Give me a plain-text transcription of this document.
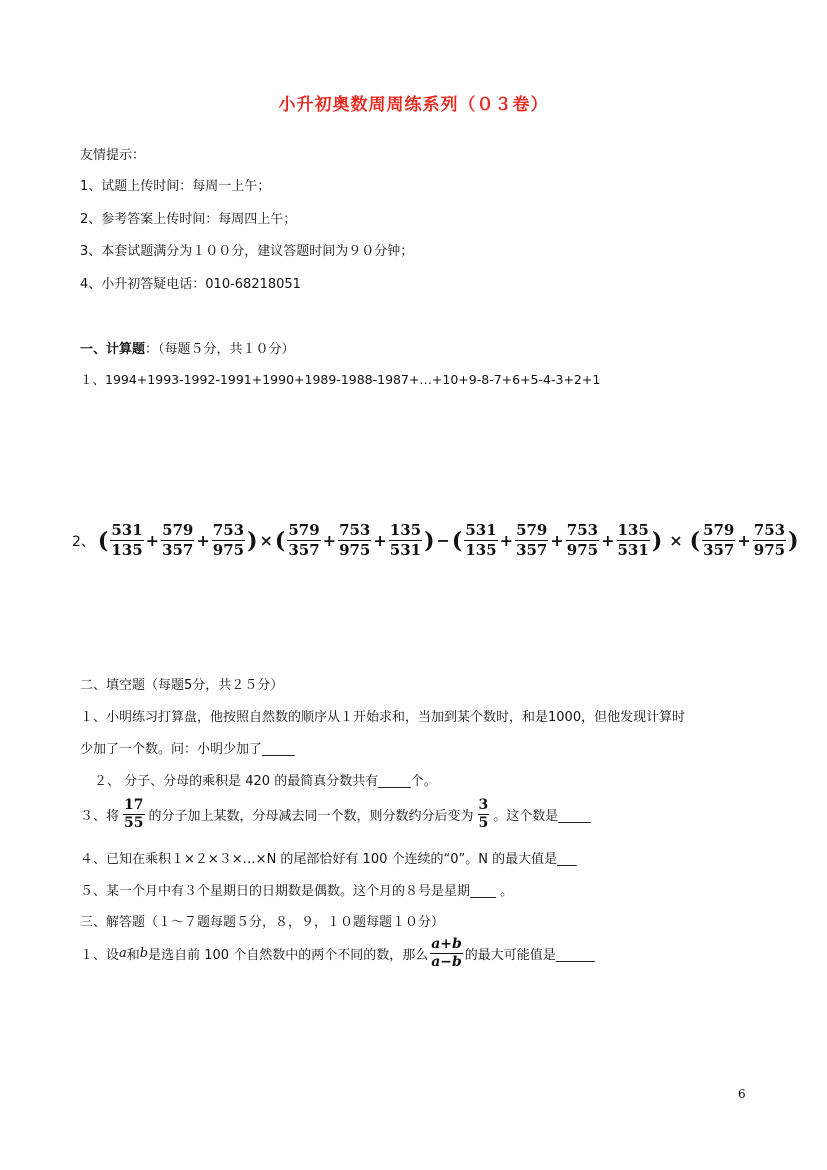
小升初奥数周周练系列（０３卷）
友情提示：
1、试题上传时间：每周一上午；
2、参考答案上传时间：每周四上午；
3、本套试题满分为１００分，建议答题时间为９０分钟；
4、小升初答疑电话：010-68218051
一、计算题：（每题５分，共１０分）
１、1994+1993-1992-1991+1990+1989-1988-1987+…+10+9-8-7+6+5-4-3+2+1
2、 ( $\frac{531}{135} + \frac{579}{357} + \frac{753}{975}$ ) × ( $\frac{579}{357} + \frac{753}{975} + \frac{135}{531}$ ) − ( $\frac{531}{135} + \frac{579}{357} + \frac{753}{975} + \frac{135}{531}$ ) × ( $\frac{579}{357} + \frac{753}{975}$ )
二、填空题（每题5分，共２５分）
１、小明练习打算盘，他按照自然数的顺序从１开始求和，当加到某个数时，和是1000，但他发现计算时
少加了一个数。问：小明少加了_____
２、 分子、分母的乘积是 420 的最简真分数共有_____个。
３、将 $\frac{17}{55}$ 的分子加上某数，分母减去同一个数，则分数约分后变为 $\frac{3}{5}$ 。这个数是_____
４、已知在乘积１×２×３×…×N 的尾部恰好有 100 个连续的“0”。N 的最大值是___
５、某一个月中有３个星期日的日期数是偶数。这个月的８号是星期____ 。
三、解答题（１～７题每题５分，８，９，１０题每题１０分）
１、设 a 和 b 是选自前 100 个自然数中的两个不同的数，那么 $\frac{a+b}{a-b}$ 的最大可能值是______
6
